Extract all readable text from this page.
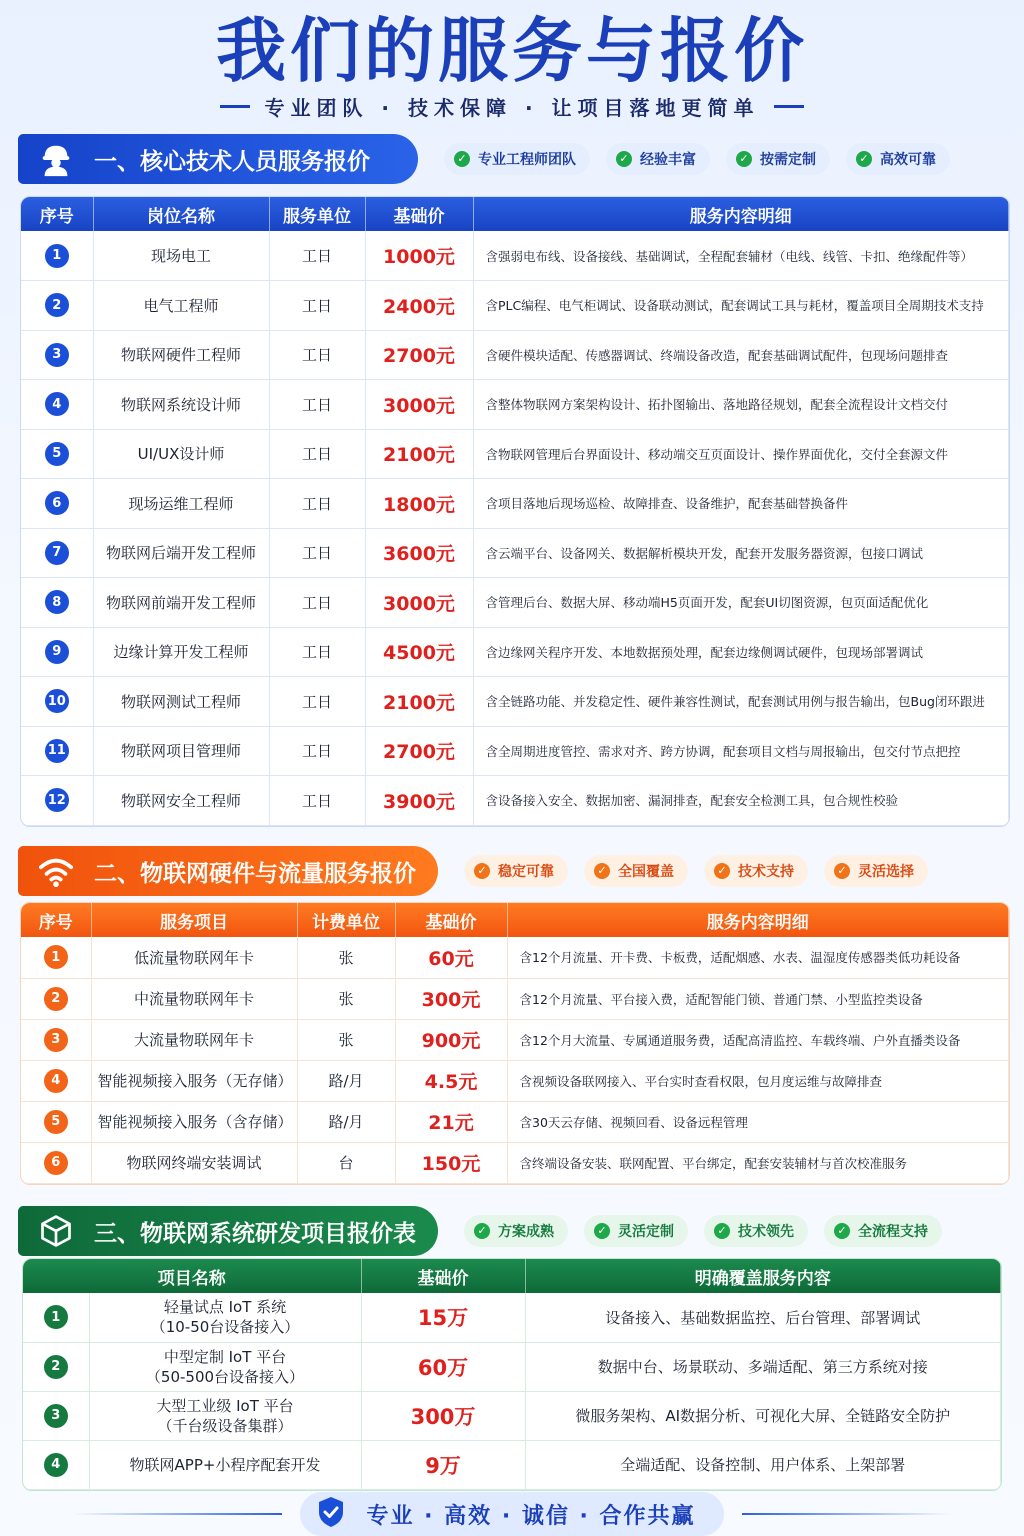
我们的服务与报价
专业团队 · 技术保障 · 让项目落地更简单
一、核心技术人员服务报价	✓ 专业工程师团队	✓ 经验丰富	✓ 按需定制	✓ 高效可靠
序号	岗位名称	服务单位	基础价	服务内容明细
1	现场电工	工日	1000元	含强弱电布线、设备接线、基础调试，全程配套辅材（电线、线管、卡扣、绝缘配件等）
2	电气工程师	工日	2400元	含PLC编程、电气柜调试、设备联动测试，配套调试工具与耗材，覆盖项目全周期技术支持
3	物联网硬件工程师	工日	2700元	含硬件模块适配、传感器调试、终端设备改造，配套基础调试配件，包现场问题排查
4	物联网系统设计师	工日	3000元	含整体物联网方案架构设计、拓扑图输出、落地路径规划，配套全流程设计文档交付
5	UI/UX设计师	工日	2100元	含物联网管理后台界面设计、移动端交互页面设计、操作界面优化，交付全套源文件
6	现场运维工程师	工日	1800元	含项目落地后现场巡检、故障排查、设备维护，配套基础替换备件
7	物联网后端开发工程师	工日	3600元	含云端平台、设备网关、数据解析模块开发，配套开发服务器资源，包接口调试
8	物联网前端开发工程师	工日	3000元	含管理后台、数据大屏、移动端H5页面开发，配套UI切图资源，包页面适配优化
9	边缘计算开发工程师	工日	4500元	含边缘网关程序开发、本地数据预处理，配套边缘侧调试硬件，包现场部署调试
10	物联网测试工程师	工日	2100元	含全链路功能、并发稳定性、硬件兼容性测试，配套测试用例与报告输出，包Bug闭环跟进
11	物联网项目管理师	工日	2700元	含全周期进度管控、需求对齐、跨方协调，配套项目文档与周报输出，包交付节点把控
12	物联网安全工程师	工日	3900元	含设备接入安全、数据加密、漏洞排查，配套安全检测工具，包合规性校验
二、物联网硬件与流量服务报价	✓ 稳定可靠	✓ 全国覆盖	✓ 技术支持	✓ 灵活选择
序号	服务项目	计费单位	基础价	服务内容明细
1	低流量物联网年卡	张	60元	含12个月流量、开卡费、卡板费，适配烟感、水表、温湿度传感器类低功耗设备
2	中流量物联网年卡	张	300元	含12个月流量、平台接入费，适配智能门锁、普通门禁、小型监控类设备
3	大流量物联网年卡	张	900元	含12个月大流量、专属通道服务费，适配高清监控、车载终端、户外直播类设备
4	智能视频接入服务（无存储）	路/月	4.5元	含视频设备联网接入、平台实时查看权限，包月度运维与故障排查
5	智能视频接入服务（含存储）	路/月	21元	含30天云存储、视频回看、设备远程管理
6	物联网终端安装调试	台	150元	含终端设备安装、联网配置、平台绑定，配套安装辅材与首次校准服务
三、物联网系统研发项目报价表	✓ 方案成熟	✓ 灵活定制	✓ 技术领先	✓ 全流程支持
项目名称		基础价	明确覆盖服务内容
1	轻量试点 IoT 系统
（10-50台设备接入）	15万	设备接入、基础数据监控、后台管理、部署调试
2	中型定制 IoT 平台
（50-500台设备接入）	60万	数据中台、场景联动、多端适配、第三方系统对接
3	大型工业级 IoT 平台
（千台级设备集群）	300万	微服务架构、AI数据分析、可视化大屏、全链路安全防护
4	物联网APP+小程序配套开发	9万	全端适配、设备控制、用户体系、上架部署
专业 · 高效 · 诚信 · 合作共赢
